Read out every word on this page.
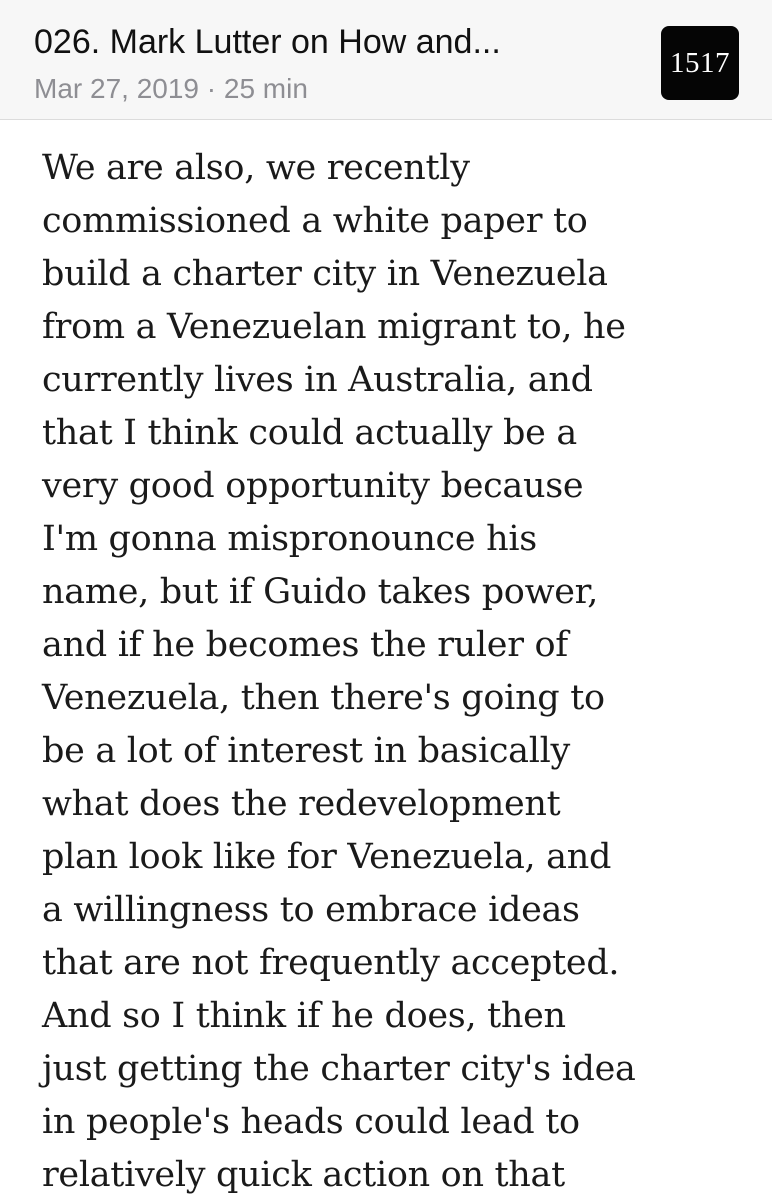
026. Mark Lutter on How and...
Mar 27, 2019 · 25 min
1517
We are also, we recently
commissioned a white paper to
build a charter city in Venezuela
from a Venezuelan migrant to, he
currently lives in Australia, and
that I think could actually be a
very good opportunity because
I'm gonna mispronounce his
name, but if Guido takes power,
and if he becomes the ruler of
Venezuela, then there's going to
be a lot of interest in basically
what does the redevelopment
plan look like for Venezuela, and
a willingness to embrace ideas
that are not frequently accepted.
And so I think if he does, then
just getting the charter city's idea
in people's heads could lead to
relatively quick action on that
